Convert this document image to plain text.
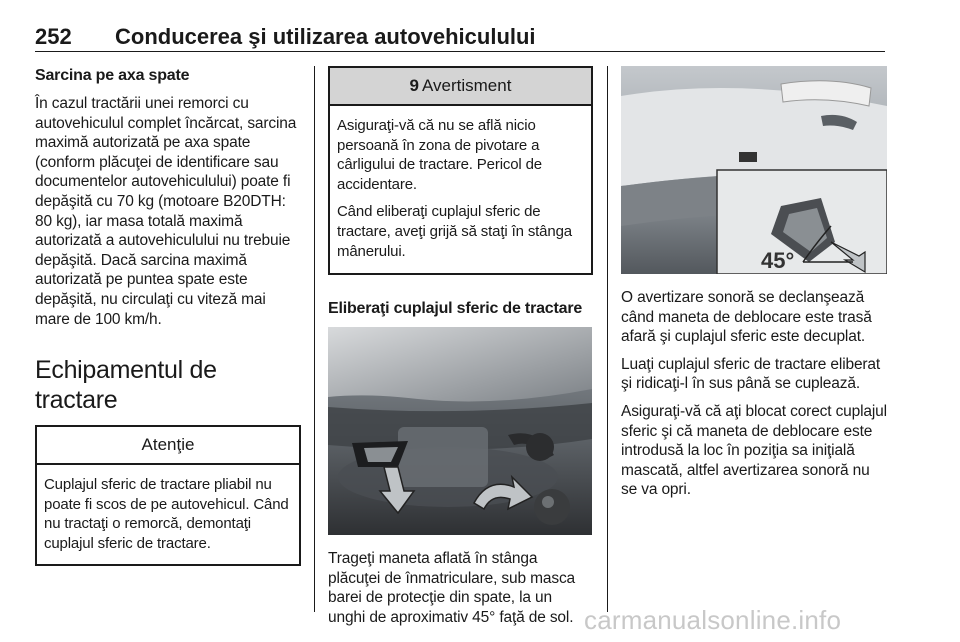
252 Conducerea şi utilizarea autovehiculului
Sarcina pe axa spate

În cazul tractării unei remorci cu autovehiculul complet încărcat, sarcina maximă autorizată pe axa spate (conform plăcuţei de identificare sau documentelor autovehiculului) poate fi depăşită cu 70 kg (motoare B20DTH: 80 kg), iar masa totală maximă autorizată a autovehiculului nu trebuie depăşită. Dacă sarcina maximă autorizată pe puntea spate este depăşită, nu circulaţi cu viteză mai mare de 100 km/h.

Echipamentul de tractare
Atenţie

Cuplajul sferic de tractare pliabil nu poate fi scos de pe autovehicul. Când nu tractaţi o remorcă, demontaţi cuplajul sferic de tractare.

9 Avertisment

Asiguraţi-vă că nu se află nicio persoană în zona de pivotare a cârligului de tractare. Pericol de accidentare.

Când eliberaţi cuplajul sferic de tractare, aveţi grijă să staţi în stânga mânerului.

Eliberaţi cuplajul sferic de tractare

Trageţi maneta aflată în stânga plăcuţei de înmatriculare, sub masca barei de protecţie din spate, la un unghi de aproximativ 45° faţă de sol.

45°

O avertizare sonoră se declanşează când maneta de deblocare este trasă afară şi cuplajul sferic este decuplat.

Luaţi cuplajul sferic de tractare eliberat şi ridicaţi-l în sus până se cuplează.

Asiguraţi-vă că aţi blocat corect cuplajul sferic şi că maneta de deblocare este introdusă la loc în poziţia sa iniţială mascată, altfel avertizarea sonoră nu se va opri.

carmanualsonline.info
